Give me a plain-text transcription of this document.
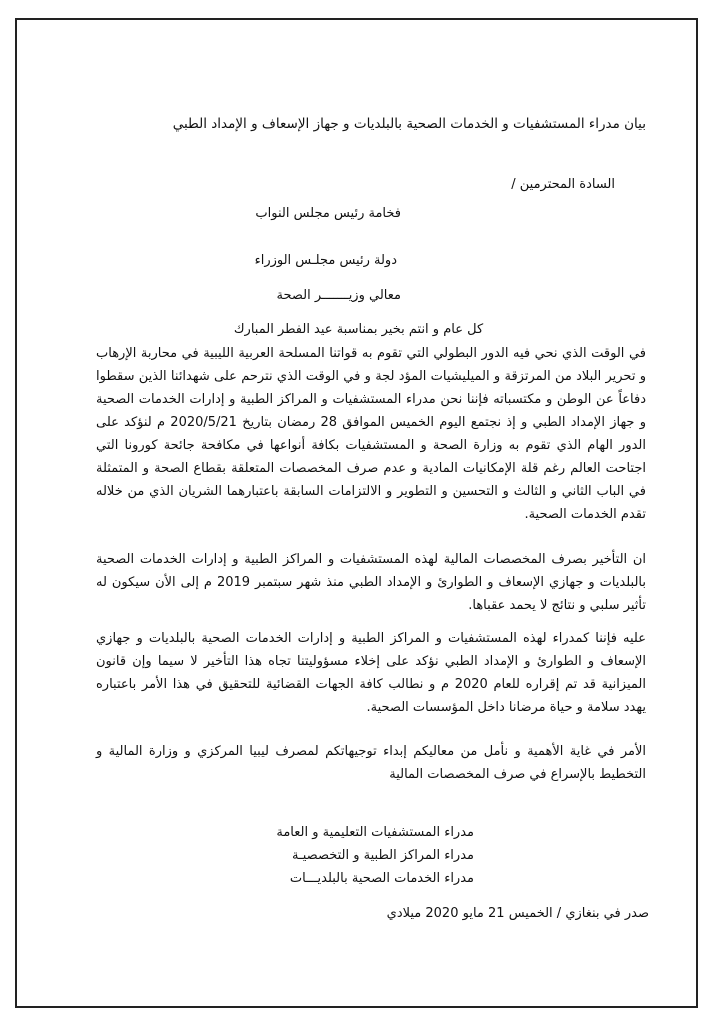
بيان مدراء المستشفيات و الخدمات الصحية بالبلديات و جهاز الإسعاف و الإمداد الطبي
السادة المحترمين /
فخامة رئيس مجلس النواب
دولة رئيس مجلـس الوزراء
معالي وزيـــــــر الصحة
كل عام و انتم بخير بمناسبة عيد الفطر المبارك
في الوقت الذي نحي فيه الدور البطولي التي تقوم به قواتنا المسلحة العربية الليبية في محاربة الإرهاب و تحرير البلاد من المرتزقة و الميليشيات المؤد لجة و في الوقت الذي نترحم على شهدائنا الذين سقطوا دفاعاً عن الوطن و مكتسباته فإننا نحن مدراء المستشفيات و المراكز الطبية و إدارات الخدمات الصحية و جهاز الإمداد الطبي و إذ نجتمع اليوم الخميس الموافق 28 رمضان بتاريخ 2020/5/21 م لنؤكد على الدور الهام الذي تقوم به وزارة الصحة و المستشفيات بكافة أنواعها في مكافحة جائحة كورونا التي اجتاحت العالم رغم قلة الإمكانيات المادية و عدم صرف المخصصات المتعلقة بقطاع الصحة و المتمثلة في الباب الثاني و الثالث و التحسين و التطوير و الالتزامات السابقة باعتبارهما الشريان الذي من خلاله تقدم الخدمات الصحية.
ان التأخير بصرف المخصصات المالية لهذه المستشفيات و المراكز الطبية و إدارات الخدمات الصحية بالبلديات و جهازي الإسعاف و الطوارئ و الإمداد الطبي منذ شهر سبتمبر 2019 م إلى الأن سيكون له تأثير سلبي و نتائج لا يحمد عقباها.
عليه فإننا كمدراء لهذه المستشفيات و المراكز الطبية و إدارات الخدمات الصحية بالبلديات و جهازي الإسعاف و الطوارئ و الإمداد الطبي نؤكد على إخلاء مسؤوليتنا تجاه هذا التأخير لا سيما وإن قانون الميزانية قد تم إقراره للعام 2020 م و نطالب كافة الجهات القضائية للتحقيق في هذا الأمر باعتباره يهدد سلامة و حياة مرضانا داخل المؤسسات الصحية.
الأمر في غاية الأهمية و نأمل من معاليكم إبداء توجيهاتكم لمصرف ليبيا المركزي و وزارة المالية و التخطيط بالإسراع في صرف المخصصات المالية
مدراء المستشفيات التعليمية و العامة
مدراء المراكز الطبية و التخصصيـة
مدراء الخدمات الصحية بالبلديـــات
صدر في بنغازي / الخميس 21 مايو 2020 ميلادي
